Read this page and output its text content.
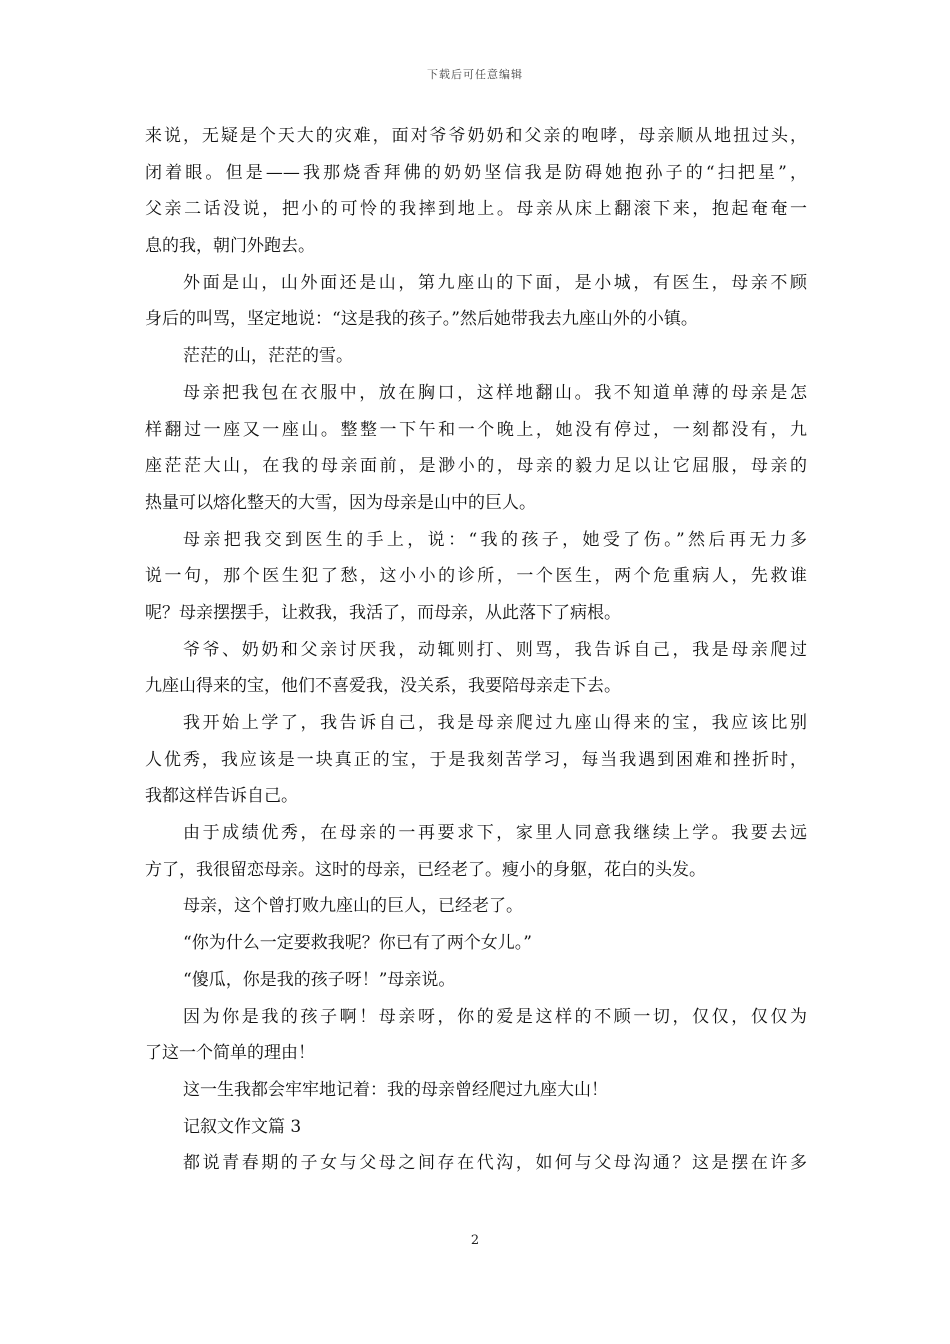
下载后可任意编辑
来说，无疑是个天大的灾难，面对爷爷奶奶和父亲的咆哮，母亲顺从地扭过头，
闭着眼。但是——我那烧香拜佛的奶奶坚信我是防碍她抱孙子的“扫把星”，
父亲二话没说，把小的可怜的我摔到地上。母亲从床上翻滚下来，抱起奄奄一
息的我，朝门外跑去。
外面是山，山外面还是山，第九座山的下面，是小城，有医生，母亲不顾
身后的叫骂，坚定地说：“这是我的孩子。”然后她带我去九座山外的小镇。
茫茫的山，茫茫的雪。
母亲把我包在衣服中，放在胸口，这样地翻山。我不知道单薄的母亲是怎
样翻过一座又一座山。整整一下午和一个晚上，她没有停过，一刻都没有，九
座茫茫大山，在我的母亲面前，是渺小的，母亲的毅力足以让它屈服，母亲的
热量可以熔化整天的大雪，因为母亲是山中的巨人。
母亲把我交到医生的手上，说：“我的孩子，她受了伤。”然后再无力多
说一句，那个医生犯了愁，这小小的诊所，一个医生，两个危重病人，先救谁
呢？母亲摆摆手，让救我，我活了，而母亲，从此落下了病根。
爷爷、奶奶和父亲讨厌我，动辄则打、则骂，我告诉自己，我是母亲爬过
九座山得来的宝，他们不喜爱我，没关系，我要陪母亲走下去。
我开始上学了，我告诉自己，我是母亲爬过九座山得来的宝，我应该比别
人优秀，我应该是一块真正的宝，于是我刻苦学习，每当我遇到困难和挫折时，
我都这样告诉自己。
由于成绩优秀，在母亲的一再要求下，家里人同意我继续上学。我要去远
方了，我很留恋母亲。这时的母亲，已经老了。瘦小的身躯，花白的头发。
母亲，这个曾打败九座山的巨人，已经老了。
“你为什么一定要救我呢？你已有了两个女儿。”
“傻瓜，你是我的孩子呀！”母亲说。
因为你是我的孩子啊！母亲呀，你的爱是这样的不顾一切，仅仅，仅仅为
了这一个简单的理由！
这一生我都会牢牢地记着：我的母亲曾经爬过九座大山！
记叙文作文篇 3
都说青春期的子女与父母之间存在代沟，如何与父母沟通？这是摆在许多
2
